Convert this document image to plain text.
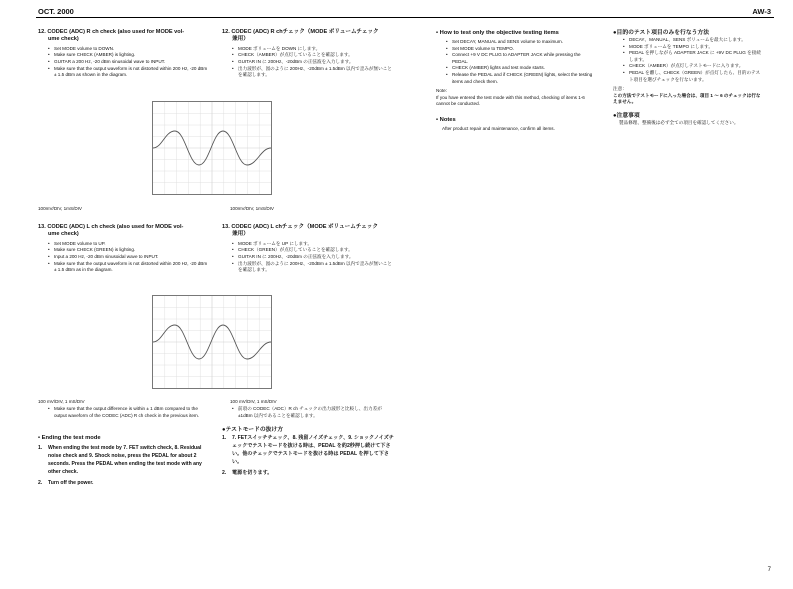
OCT. 2000	AW-3
12. CODEC (ADC) R ch check (also used for MODE vol-
ume check)
• Set MODE volume to DOWN.
• Make sure CHECK (AMBER) is lighting.
• GUITAR a 200 Hz, -20 dBm sinusoidal wave to INPUT.
• Make sure that the output waveform is not distorted within 200 Hz, -20 dBm ± 1.5 dBm as shown in the diagram.
12. CODEC (ADC) R chチェック（MODE ボリュームチェック
兼用）
• MODE ボリュームを DOWN にします。
• CHECK（AMBER）が点灯していることを確認します。
• GUITAR IN に 200Hz、-20dBm の正弦波を入力します。
• 出力波形が、図のように 200Hz、-20dBm ± 1.5dBm 以内で歪みが無いことを確認します。
100mV/DIV, 1mS/DIV	100mV/DIV, 1mS/DIV
13. CODEC (ADC) L ch check (also used for MODE vol-
ume check)
• Set MODE volume to UP.
• Make sure CHECK (GREEN) is lighting.
• Input a 200 Hz, -20 dBm sinusoidal wave to INPUT.
• Make sure that the output waveform is not distorted within 200 Hz, -20 dBm ± 1.5 dBm as in the diagram.
13. CODEC (ADC) L chチェック（MODE ボリュームチェック
兼用）
• MODE ボリュームを UP にします。
• CHECK（GREEN）が点灯していることを確認します。
• GUITAR IN に 200Hz、-20dBm の正弦波を入力します。
• 出力波形が、図のように 200Hz、-20dBm ± 1.5dBm 以内で歪みが無いことを確認します。
100 mV/DIV, 1 mS/DIV	100 mV/DIV, 1 mS/DIV
• Make sure that the output difference is within ± 1 dBm compared to the output waveform of the CODEC (ADC) R ch check in the previous item.
• 前項の CODEC（ADC）R ch チェックの出力波形と比較し、出力差が ±1dBm 以内であることを確認します。
• Ending the test mode
1. When ending the test mode by 7. FET switch check, 8. Residual noise check and 9. Shock noise, press the PEDAL for about 2 seconds. Press the PEDAL when ending the test mode with any other check.
2. Turn off the power.
●テストモードの抜け方
1. 7. FETスイッチチェック、8. 残留ノイズチェック、9. ショックノイズチェックでテストモードを抜ける時は、PEDAL を約2秒押し続けて下さい。他のチェックでテストモードを抜ける時は PEDAL を押して下さい。
2. 電源を切ります。
• How to test only the objective testing items
• Set DECAY, MANUAL and SENS volume to maximum.
• Set MODE volume to TEMPO.
• Connect +9 V DC PLUG to ADAPTER JACK while pressing the PEDAL.
• CHECK (AMBER) lights and test mode starts.
• Release the PEDAL and if CHECK (GREEN) lights, select the testing items and check them.
Note:

If you have entered the test mode with this method, checking of items 1-6 cannot be conducted.

• Notes

After product repair and maintenance, confirm all items.

●目的のテスト項目のみを行なう方法
• DECAY、MANUAL、SENS ボリュームを最大にします。
• MODE ボリュームを TEMPO にします。
• PEDAL を押しながら ADAPTER JACK に +9V DC PLUG を接続します。
• CHECK（AMBER）が点灯しテストモードに入ります。
• PEDAL を離し、CHECK（GREEN）が点灯したら、目的のテスト項目を選びチェックを行ないます。
注意：

この方法でテストモードに入った場合は、項目 1 ～ 6 のチェックは行なえません。

●注意事項

製品修理、整備後は必ず全ての項目を確認してください。

7
